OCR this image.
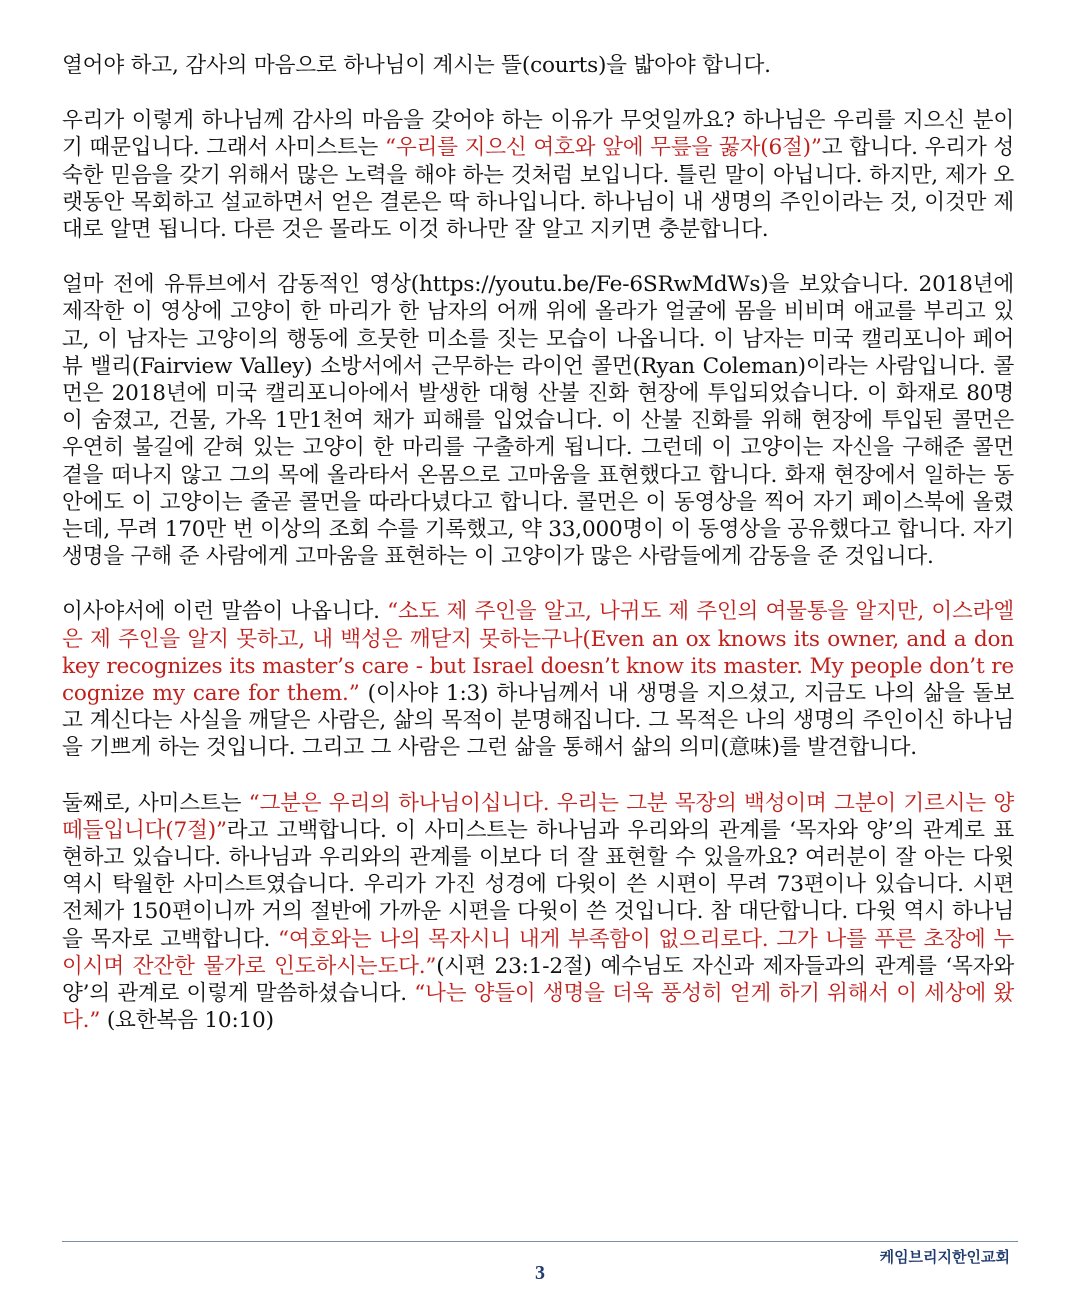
열어야 하고, 감사의 마음으로 하나님이 계시는 뜰(courts)을 밟아야 합니다.

우리가 이렇게 하나님께 감사의 마음을 갖어야 하는 이유가 무엇일까요? 하나님은 우리를 지으신 분이기 때문입니다. 그래서 사미스트는 “우리를 지으신 여호와 앞에 무릎을 꿇자(6절)”고 합니다. 우리가 성숙한 믿음을 갖기 위해서 많은 노력을 해야 하는 것처럼 보입니다. 틀린 말이 아닙니다. 하지만, 제가 오랫동안 목회하고 설교하면서 얻은 결론은 딱 하나입니다. 하나님이 내 생명의 주인이라는 것, 이것만 제대로 알면 됩니다. 다른 것은 몰라도 이것 하나만 잘 알고 지키면 충분합니다.

얼마 전에 유튜브에서 감동적인 영상(https://youtu.be/Fe-6SRwMdWs)을 보았습니다. 2018년에 제작한 이 영상에 고양이 한 마리가 한 남자의 어깨 위에 올라가 얼굴에 몸을 비비며 애교를 부리고 있고, 이 남자는 고양이의 행동에 흐뭇한 미소를 짓는 모습이 나옵니다. 이 남자는 미국 캘리포니아 페어뷰 밸리(Fairview Valley) 소방서에서 근무하는 라이언 콜먼(Ryan Coleman)이라는 사람입니다. 콜먼은 2018년에 미국 캘리포니아에서 발생한 대형 산불 진화 현장에 투입되었습니다. 이 화재로 80명이 숨졌고, 건물, 가옥 1만1천여 채가 피해를 입었습니다. 이 산불 진화를 위해 현장에 투입된 콜먼은 우연히 불길에 갇혀 있는 고양이 한 마리를 구출하게 됩니다. 그런데 이 고양이는 자신을 구해준 콜먼 곁을 떠나지 않고 그의 목에 올라타서 온몸으로 고마움을 표현했다고 합니다. 화재 현장에서 일하는 동안에도 이 고양이는 줄곧 콜먼을 따라다녔다고 합니다. 콜먼은 이 동영상을 찍어 자기 페이스북에 올렸는데, 무려 170만 번 이상의 조회 수를 기록했고, 약 33,000명이 이 동영상을 공유했다고 합니다. 자기 생명을 구해 준 사람에게 고마움을 표현하는 이 고양이가 많은 사람들에게 감동을 준 것입니다.

이사야서에 이런 말씀이 나옵니다. “소도 제 주인을 알고, 나귀도 제 주인의 여물통을 알지만, 이스라엘은 제 주인을 알지 못하고, 내 백성은 깨닫지 못하는구나(Even an ox knows its owner, and a donkey recognizes its master’s care - but Israel doesn’t know its master. My people don’t recognize my care for them.” (이사야 1:3) 하나님께서 내 생명을 지으셨고, 지금도 나의 삶을 돌보고 계신다는 사실을 깨달은 사람은, 삶의 목적이 분명해집니다. 그 목적은 나의 생명의 주인이신 하나님을 기쁘게 하는 것입니다. 그리고 그 사람은 그런 삶을 통해서 삶의 의미(意味)를 발견합니다.

둘째로, 사미스트는 “그분은 우리의 하나님이십니다. 우리는 그분 목장의 백성이며 그분이 기르시는 양 떼들입니다(7절)”라고 고백합니다. 이 사미스트는 하나님과 우리와의 관계를 ‘목자와 양’의 관계로 표현하고 있습니다. 하나님과 우리와의 관계를 이보다 더 잘 표현할 수 있을까요? 여러분이 잘 아는 다윗 역시 탁월한 사미스트였습니다. 우리가 가진 성경에 다윗이 쓴 시편이 무려 73편이나 있습니다. 시편 전체가 150편이니까 거의 절반에 가까운 시편을 다윗이 쓴 것입니다. 참 대단합니다. 다윗 역시 하나님을 목자로 고백합니다. “여호와는 나의 목자시니 내게 부족함이 없으리로다. 그가 나를 푸른 초장에 누이시며 잔잔한 물가로 인도하시는도다.”(시편 23:1-2절) 예수님도 자신과 제자들과의 관계를 ‘목자와 양’의 관계로 이렇게 말씀하셨습니다. “나는 양들이 생명을 더욱 풍성히 얻게 하기 위해서 이 세상에 왔다.” (요한복음 10:10)

케임브리지한인교회
3
